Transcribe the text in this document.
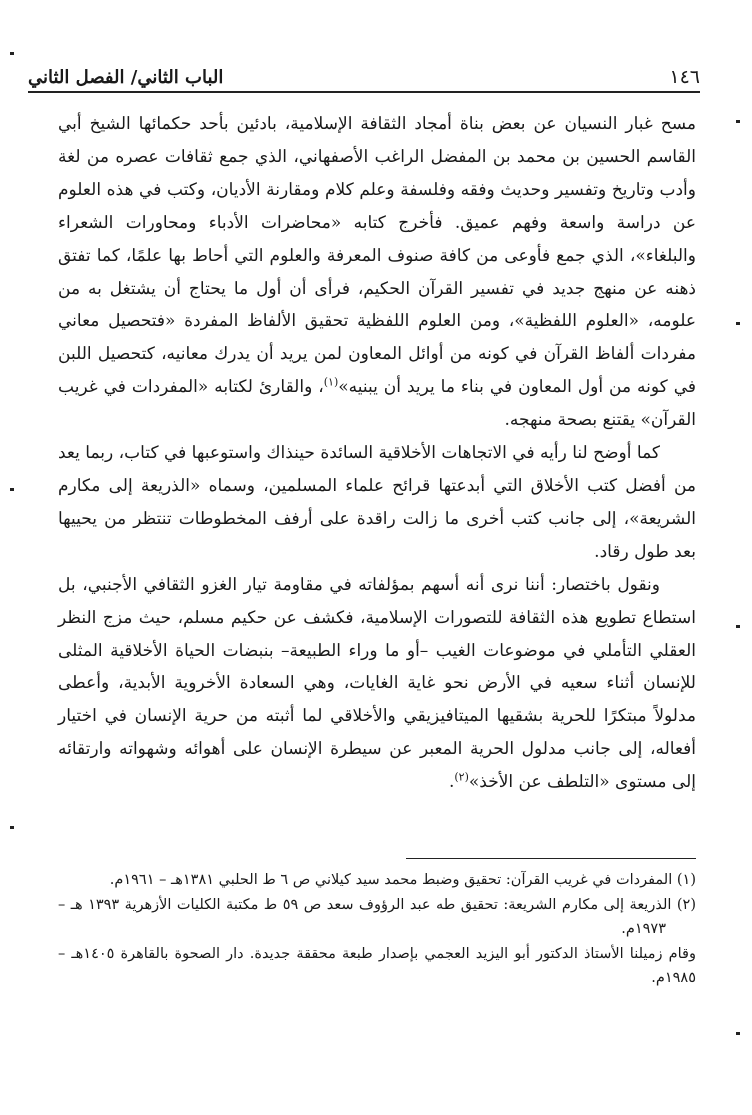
١٤٦
الباب الثاني/ الفصل الثاني

مسح غبار النسيان عن بعض بناة أمجاد الثقافة الإسلامية، بادئين بأحد حكمائها الشيخ أبي القاسم الحسين بن محمد بن المفضل الراغب الأصفهاني، الذي جمع ثقافات عصره من لغة وأدب وتاريخ وتفسير وحديث وفقه وفلسفة وعلم كلام ومقارنة الأديان، وكتب في هذه العلوم عن دراسة واسعة وفهم عميق. فأخرج كتابه «محاضرات الأدباء ومحاورات الشعراء والبلغاء»، الذي جمع فأوعى من كافة صنوف المعرفة والعلوم التي أحاط بها علمًا، كما تفتق ذهنه عن منهج جديد في تفسير القرآن الحكيم، فرأى أن أول ما يحتاج أن يشتغل به من علومه، «العلوم اللفظية»، ومن العلوم اللفظية تحقيق الألفاظ المفردة «فتحصيل معاني مفردات ألفاظ القرآن في كونه من أوائل المعاون لمن يريد أن يدرك معانيه، كتحصيل اللبن في كونه من أول المعاون في بناء ما يريد أن يبنيه»$^{(١)}$، والقارئ لكتابه «المفردات في غريب القرآن» يقتنع بصحة منهجه.

كما أوضح لنا رأيه في الاتجاهات الأخلاقية السائدة حينذاك واستوعبها في كتاب، ربما يعد من أفضل كتب الأخلاق التي أبدعتها قرائح علماء المسلمين، وسماه «الذريعة إلى مكارم الشريعة»، إلى جانب كتب أخرى ما زالت راقدة على أرفف المخطوطات تنتظر من يحييها بعد طول رقاد.

ونقول باختصار: أننا نرى أنه أسهم بمؤلفاته في مقاومة تيار الغزو الثقافي الأجنبي، بل استطاع تطويع هذه الثقافة للتصورات الإسلامية، فكشف عن حكيم مسلم، حيث مزج النظر العقلي التأملي في موضوعات الغيب –أو ما وراء الطبيعة– بنبضات الحياة الأخلاقية المثلى للإنسان أثناء سعيه في الأرض نحو غاية الغايات، وهي السعادة الأخروية الأبدية، وأعطى مدلولاً مبتكرًا للحرية بشقيها الميتافيزيقي والأخلاقي لما أثبته من حرية الإنسان في اختيار أفعاله، إلى جانب مدلول الحرية المعبر عن سيطرة الإنسان على أهوائه وشهواته وارتقائه إلى مستوى «التلطف عن الأخذ»$^{(٢)}$.

(١) المفردات في غريب القرآن: تحقيق وضبط محمد سيد كيلاني ص ٦ ط الحلبي ١٣٨١هـ – ١٩٦١م.

(٢) الذريعة إلى مكارم الشريعة: تحقيق طه عبد الرؤوف سعد ص ٥٩ ط مكتبة الكليات الأزهرية ١٣٩٣ هـ – ١٩٧٣م.

وقام زميلنا الأستاذ الدكتور أبو اليزيد العجمي بإصدار طبعة محققة جديدة. دار الصحوة بالقاهرة ١٤٠٥هـ – ١٩٨٥م.
